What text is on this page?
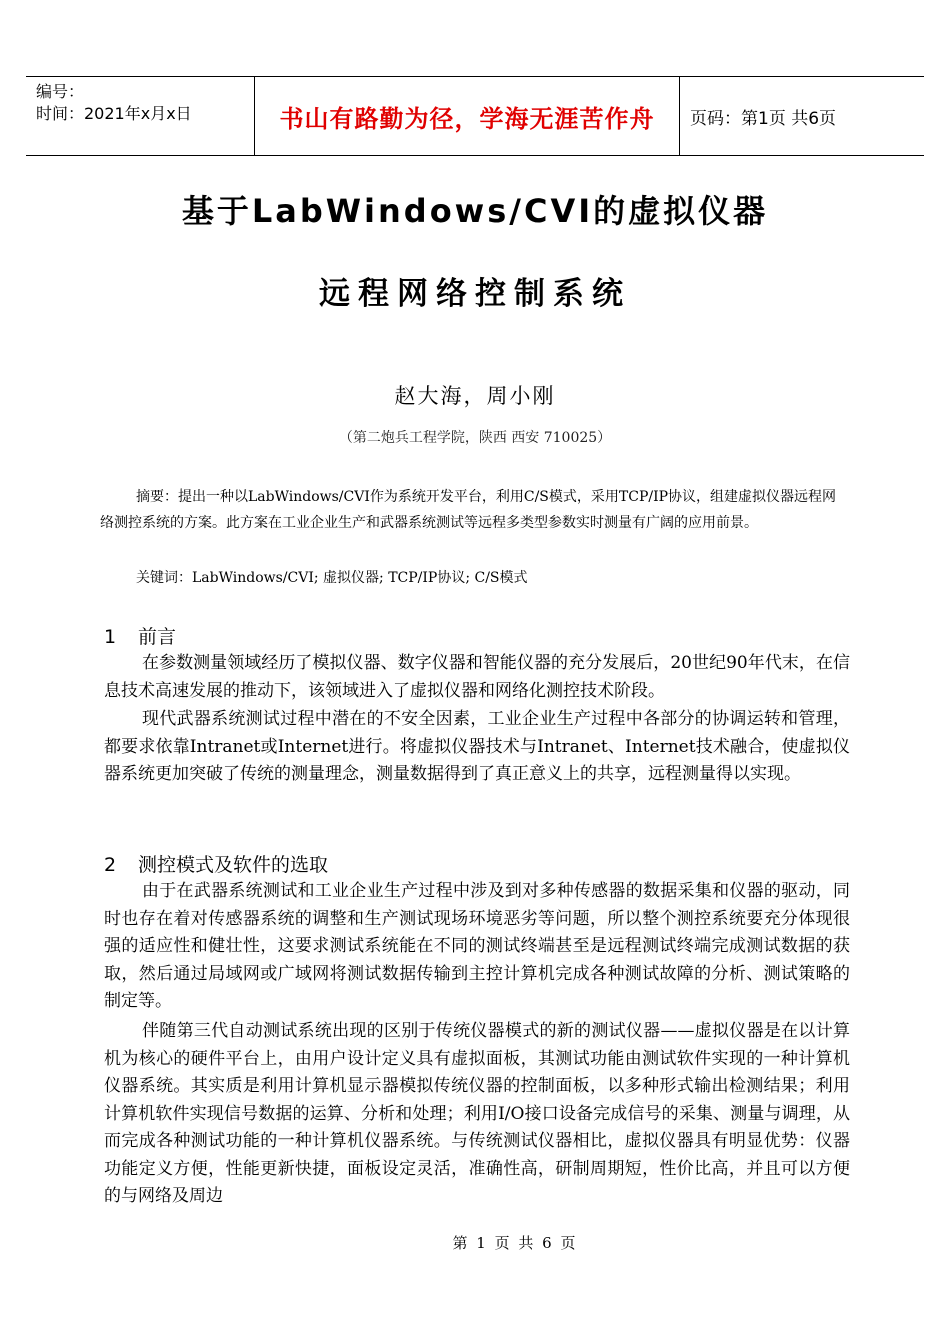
编号：
时间：2021年x月x日	书山有路勤为径，学海无涯苦作舟	页码：第1页 共6页
基于LabWindows/CVI的虚拟仪器
远程网络控制系统
赵大海，周小刚
（第二炮兵工程学院，陕西 西安 710025）
摘要：提出一种以LabWindows/CVI作为系统开发平台，利用C/S模式，采用TCP/IP协议，组建虚拟仪器远程网络测控系统的方案。此方案在工业企业生产和武器系统测试等远程多类型参数实时测量有广阔的应用前景。
关键词：LabWindows/CVI; 虚拟仪器; TCP/IP协议; C/S模式
1 前言
在参数测量领域经历了模拟仪器、数字仪器和智能仪器的充分发展后，20世纪90年代末，在信息技术高速发展的推动下，该领域进入了虚拟仪器和网络化测控技术阶段。
现代武器系统测试过程中潜在的不安全因素，工业企业生产过程中各部分的协调运转和管理，都要求依靠Intranet或Internet进行。将虚拟仪器技术与Intranet、Internet技术融合，使虚拟仪器系统更加突破了传统的测量理念，测量数据得到了真正意义上的共享，远程测量得以实现。
2 测控模式及软件的选取
由于在武器系统测试和工业企业生产过程中涉及到对多种传感器的数据采集和仪器的驱动，同时也存在着对传感器系统的调整和生产测试现场环境恶劣等问题，所以整个测控系统要充分体现很强的适应性和健壮性，这要求测试系统能在不同的测试终端甚至是远程测试终端完成测试数据的获取，然后通过局域网或广域网将测试数据传输到主控计算机完成各种测试故障的分析、测试策略的制定等。
伴随第三代自动测试系统出现的区别于传统仪器模式的新的测试仪器——虚拟仪器是在以计算机为核心的硬件平台上，由用户设计定义具有虚拟面板，其测试功能由测试软件实现的一种计算机仪器系统。其实质是利用计算机显示器模拟传统仪器的控制面板，以多种形式输出检测结果；利用计算机软件实现信号数据的运算、分析和处理；利用I/O接口设备完成信号的采集、测量与调理，从而完成各种测试功能的一种计算机仪器系统。与传统测试仪器相比，虚拟仪器具有明显优势：仪器功能定义方便，性能更新快捷，面板设定灵活，准确性高，研制周期短，性价比高，并且可以方便的与网络及周边
第 1 页 共 6 页
